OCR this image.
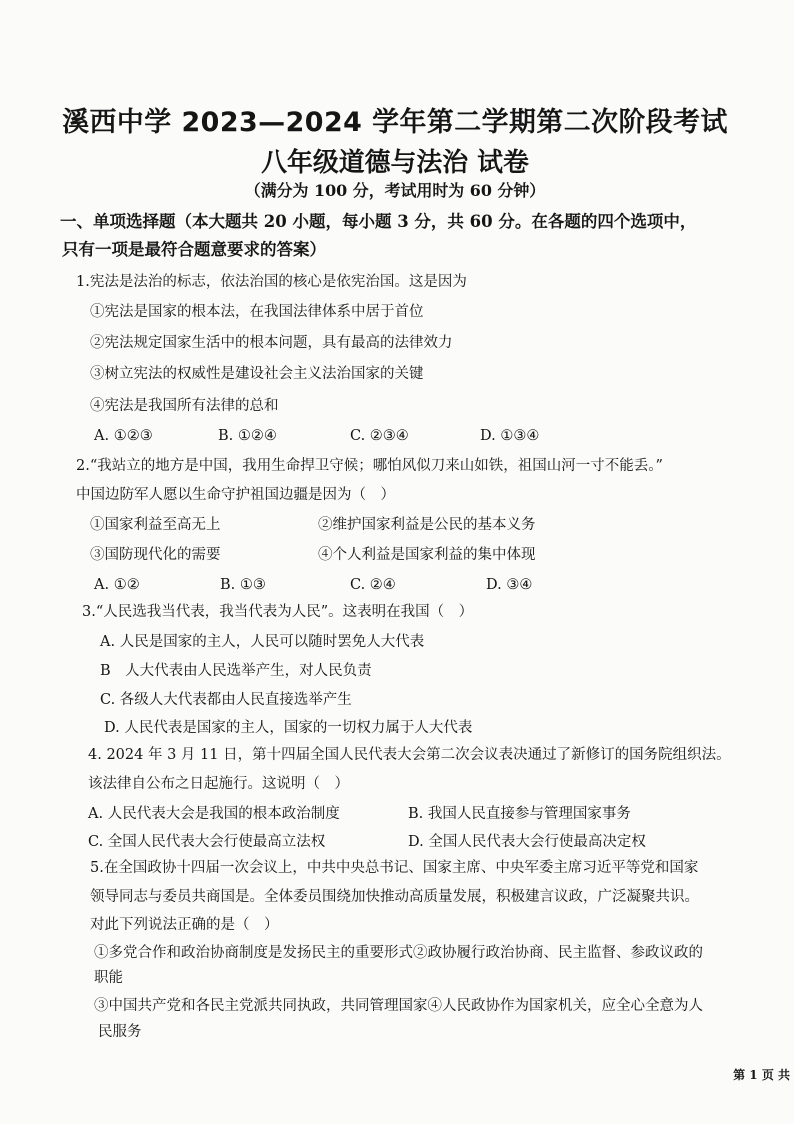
溪西中学 2023—2024 学年第二学期第二次阶段考试
八年级道德与法治 试卷
（满分为 100 分，考试用时为 60 分钟）
一、单项选择题（本大题共 20 小题，每小题 3 分，共 60 分。在各题的四个选项中，
只有一项是最符合题意要求的答案）
1.宪法是法治的标志，依法治国的核心是依宪治国。这是因为
①宪法是国家的根本法，在我国法律体系中居于首位
②宪法规定国家生活中的根本问题，具有最高的法律效力
③树立宪法的权威性是建设社会主义法治国家的关键
④宪法是我国所有法律的总和
A. ①②③	B. ①②④	C. ②③④	D. ①③④
2.“我站立的地方是中国，我用生命捍卫守候；哪怕风似刀来山如铁，祖国山河一寸不能丢。”
中国边防军人愿以生命守护祖国边疆是因为（　）
①国家利益至高无上	②维护国家利益是公民的基本义务
③国防现代化的需要	④个人利益是国家利益的集中体现
A. ①②	B. ①③	C. ②④	D. ③④
3.“人民选我当代表，我当代表为人民”。这表明在我国（　）
A. 人民是国家的主人，人民可以随时罢免人大代表
B　人大代表由人民选举产生，对人民负责
C. 各级人大代表都由人民直接选举产生
D. 人民代表是国家的主人，国家的一切权力属于人大代表
4. 2024 年 3 月 11 日，第十四届全国人民代表大会第二次会议表决通过了新修订的国务院组织法。
该法律自公布之日起施行。这说明（　）
A. 人民代表大会是我国的根本政治制度	B. 我国人民直接参与管理国家事务
C. 全国人民代表大会行使最高立法权	D. 全国人民代表大会行使最高决定权
5.在全国政协十四届一次会议上，中共中央总书记、国家主席、中央军委主席习近平等党和国家
领导同志与委员共商国是。全体委员围绕加快推动高质量发展，积极建言议政，广泛凝聚共识。
对此下列说法正确的是（　）
①多党合作和政治协商制度是发扬民主的重要形式②政协履行政治协商、民主监督、参政议政的
职能
③中国共产党和各民主党派共同执政，共同管理国家④人民政协作为国家机关，应全心全意为人
民服务
第 1 页 共
